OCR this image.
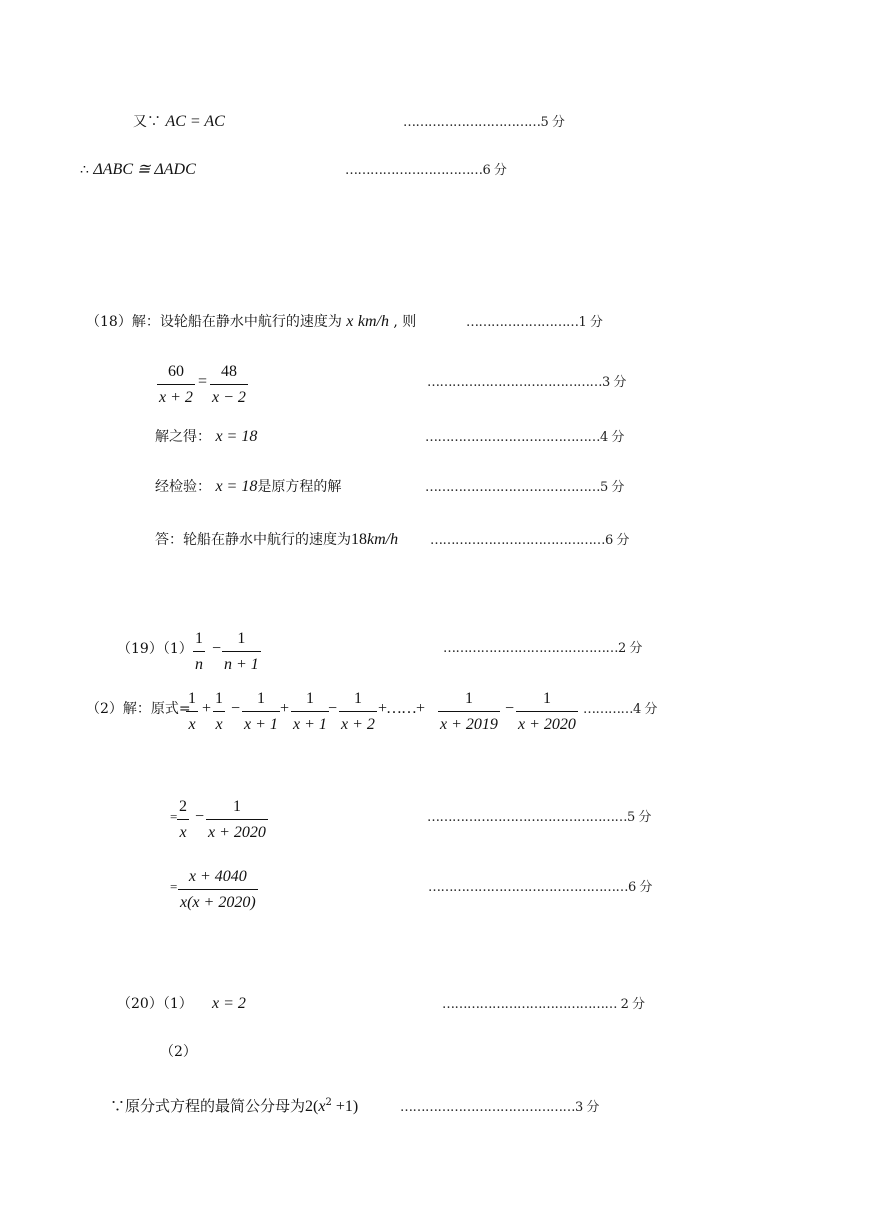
又∵ AC = AC	……………………………5 分
∴ ΔABC ≅ ΔADC	……………………………6 分
（18）解：设轮船在静水中航行的速度为 x km/h , 则	………………………1 分
$\frac{60}{x + 2} = \frac{48}{x - 2}$	……………………………………3 分
解之得： x = 18	……………………………………4 分
经检验： x = 18是原方程的解	……………………………………5 分
答：轮船在静水中航行的速度为18km/h ……………………………………6 分
$(19)(1) \frac{1}{n} - \frac{1}{n + 1}$	……………………………………2 分
（2）解：原式=
$\frac{1}{x} + \frac{1}{x} - \frac{1}{x + 1} + \frac{1}{x + 1} - \frac{1}{x + 2}$ +……+ $\frac{1}{x + 2019} - \frac{1}{x + 2020}$ …………4 分
= $\frac{2}{x} - \frac{1}{x + 2020}$	…………………………………………5 分
= $\frac{x + 4040}{x(x + 2020)}$	…………………………………………6 分
（20）（1） x = 2	…………………………………… 2 分
（2）
∵原分式方程的最简公分母为$2(x^2 +1)$	……………………………………3 分
